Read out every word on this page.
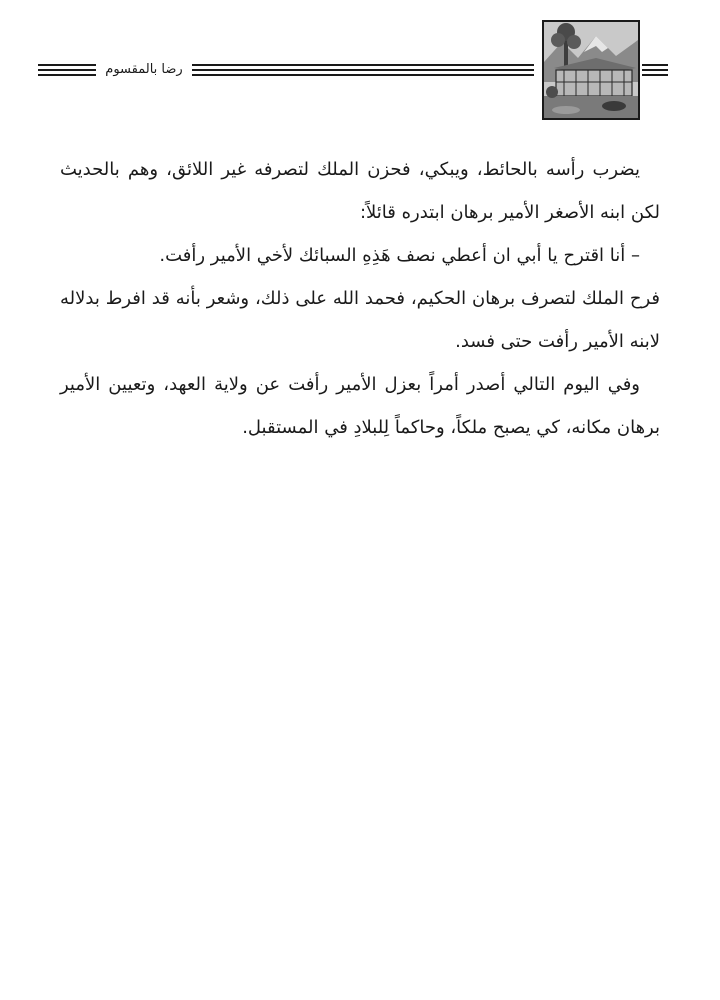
رضا بالمقسوم

يضرب رأسه بالحائط، ويبكي، فحزن الملك لتصرفه غير اللائق، وهم بالحديث لكن ابنه الأصغر الأمير برهان ابتدره قائلاً:

– أنا اقترح يا أبي ان أعطي نصف هَذِهِ السبائك لأخي الأمير رأفت.

فرح الملك لتصرف برهان الحكيم، فحمد الله على ذلك، وشعر بأنه قد افرط بدلاله لابنه الأمير رأفت حتى فسد.

وفي اليوم التالي أصدر أمراً بعزل الأمير رأفت عن ولاية العهد، وتعيين الأمير برهان مكانه، كي يصبح ملكاً، وحاكماً لِلبلادِ في المستقبل.
